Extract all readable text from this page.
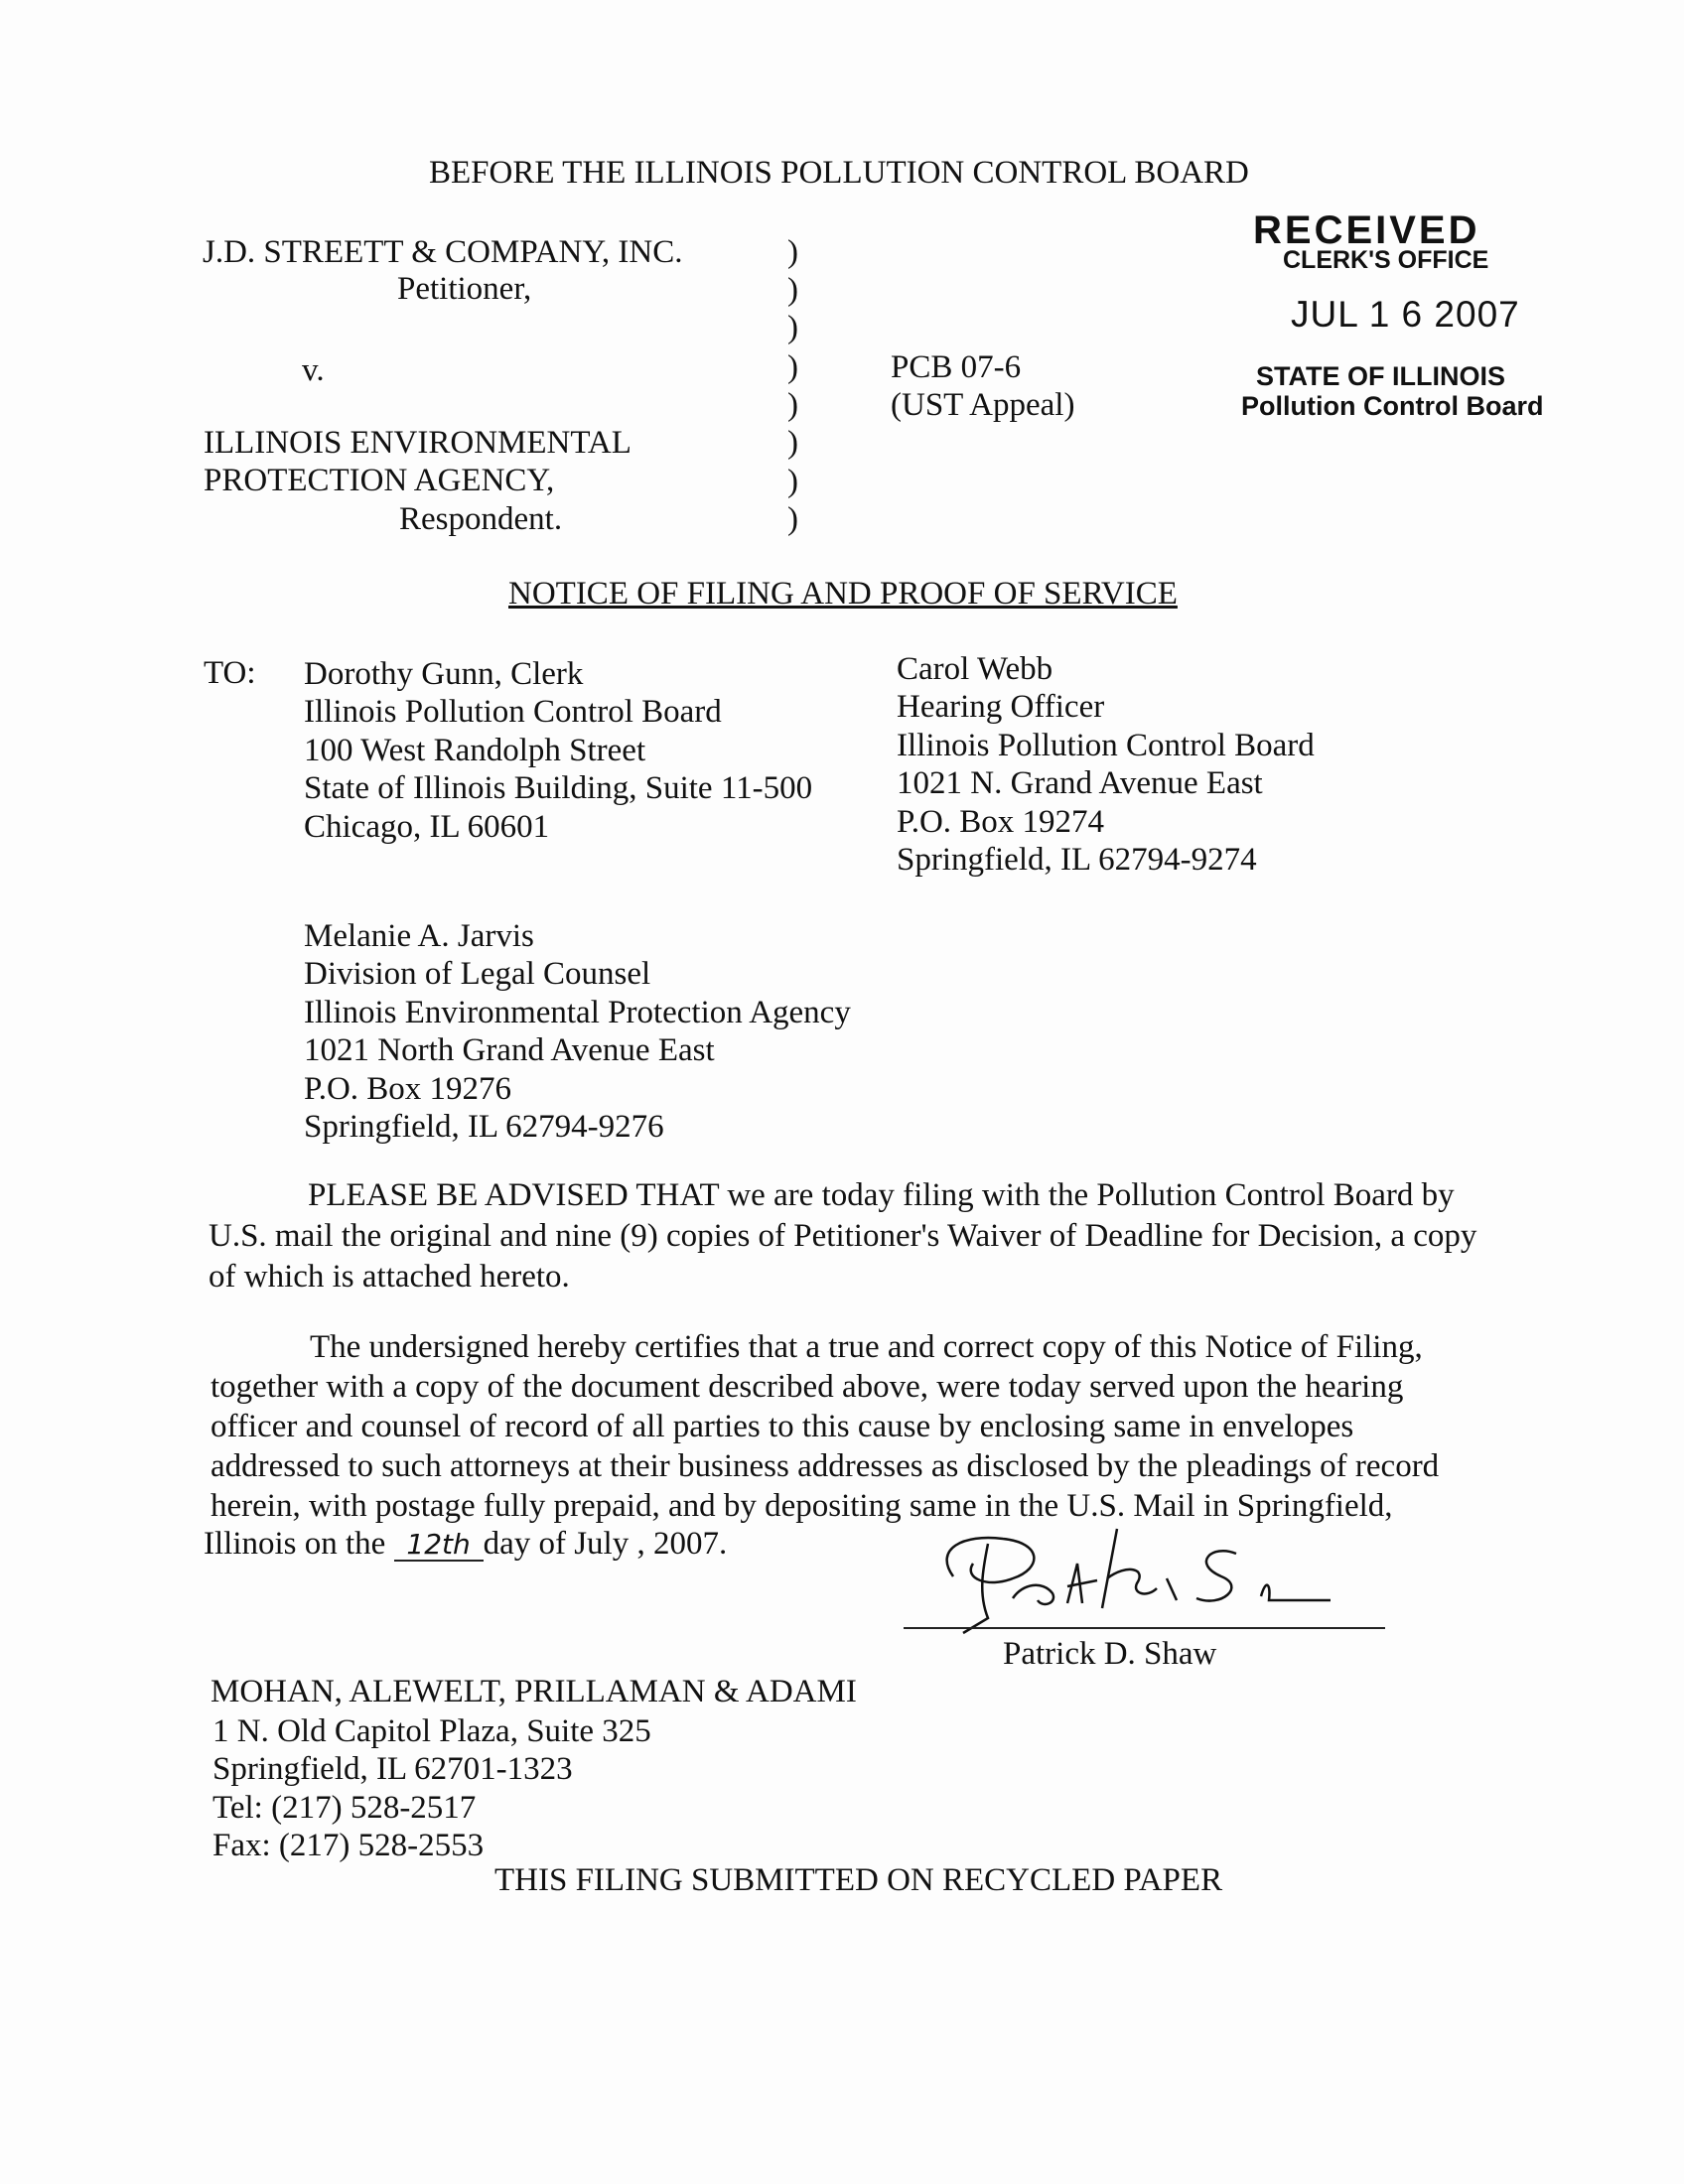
BEFORE THE ILLINOIS POLLUTION CONTROL BOARD
J.D. STREETT & COMPANY, INC.
Petitioner,
v.
ILLINOIS ENVIRONMENTAL
PROTECTION AGENCY,
Respondent.
)
)
)
)
)
)
)
)
PCB 07-6
(UST Appeal)
RECEIVED
CLERK'S OFFICE
JUL 1 6 2007
STATE OF ILLINOIS
Pollution Control Board
NOTICE OF FILING AND PROOF OF SERVICE
TO: Dorothy Gunn, Clerk
Illinois Pollution Control Board
100 West Randolph Street
State of Illinois Building, Suite 11-500
Chicago, IL 60601
Carol Webb
Hearing Officer
Illinois Pollution Control Board
1021 N. Grand Avenue East
P.O. Box 19274
Springfield, IL 62794-9274
Melanie A. Jarvis
Division of Legal Counsel
Illinois Environmental Protection Agency
1021 North Grand Avenue East
P.O. Box 19276
Springfield, IL 62794-9276

PLEASE BE ADVISED THAT we are today filing with the Pollution Control Board by

U.S. mail the original and nine (9) copies of Petitioner's Waiver of Deadline for Decision, a copy

of which is attached hereto.

The undersigned hereby certifies that a true and correct copy of this Notice of Filing,

together with a copy of the document described above, were today served upon the hearing

officer and counsel of record of all parties to this cause by enclosing same in envelopes

addressed to such attorneys at their business addresses as disclosed by the pleadings of record

herein, with postage fully prepaid, and by depositing same in the U.S. Mail in Springfield,

Illinois on the 12th day of July , 2007.
Patrick D. Shaw
MOHAN, ALEWELT, PRILLAMAN & ADAMI
1 N. Old Capitol Plaza, Suite 325
Springfield, IL 62701-1323
Tel: (217) 528-2517
Fax: (217) 528-2553
THIS FILING SUBMITTED ON RECYCLED PAPER
